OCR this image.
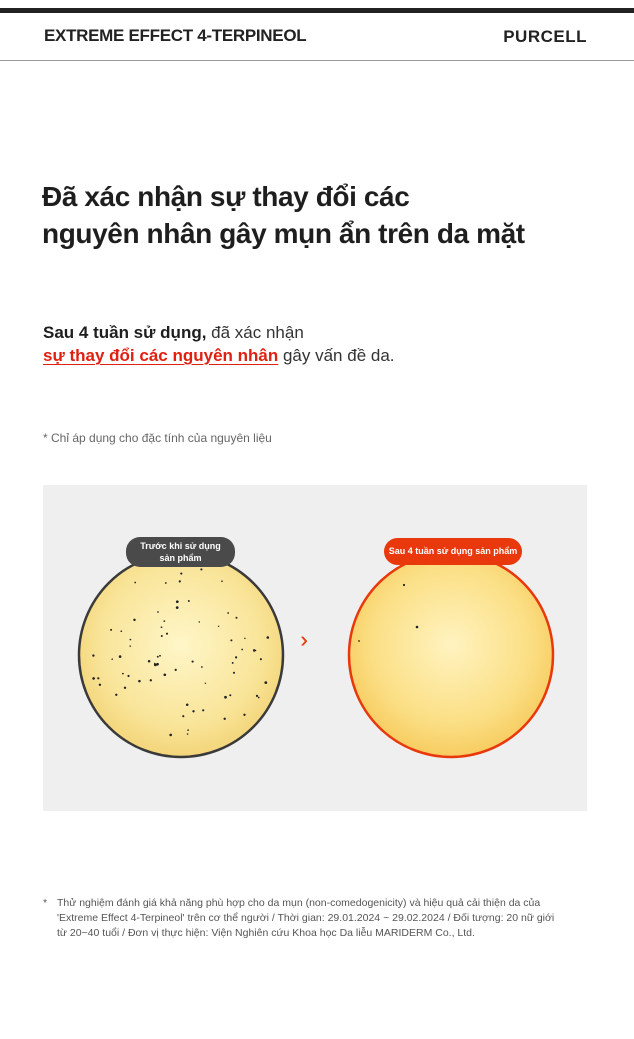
EXTREME EFFECT 4-TERPINEOL	PURCELL
Đã xác nhận sự thay đổi các
nguyên nhân gây mụn ẩn trên da mặt
Sau 4 tuần sử dụng, đã xác nhận
sự thay đổi các nguyên nhân gây vấn đề da.
* Chỉ áp dụng cho đặc tính của nguyên liệu
Trước khi sử dụng
sản phẩm
Sau 4 tuần sử dụng sản phẩm
›››
* Thử nghiệm đánh giá khả năng phù hợp cho da mụn (non-comedogenicity) và hiệu quả cải thiện da của 'Extreme Effect 4-Terpineol' trên cơ thể người / Thời gian: 29.01.2024 ~ 29.02.2024 / Đối tượng: 20 nữ giới từ 20~40 tuổi / Đơn vị thực hiện: Viện Nghiên cứu Khoa học Da liễu MARIDERM Co., Ltd.
